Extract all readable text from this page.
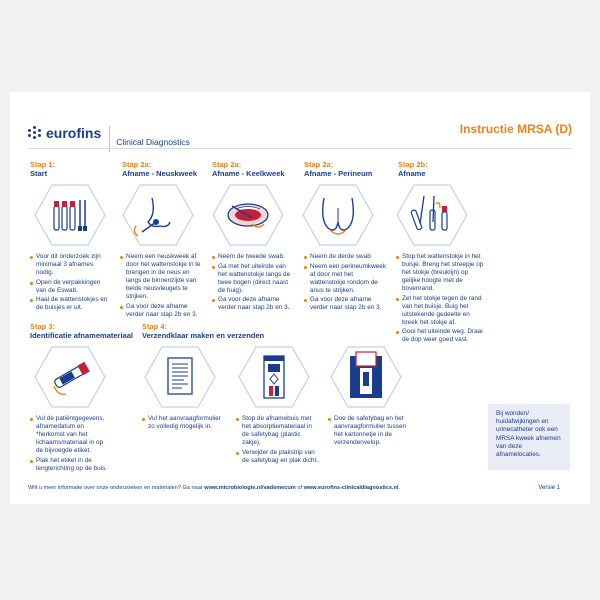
eurofins
Clinical Diagnostics
Instructie MRSA (D)
Stap 1:
Start
Stap 2a:
Afname - Neuskweek
Stap 2a:
Afname - Keelkweek
Stap 2a:
Afname - Perineum
Stap 2b:
Afname
Voor dit onderzoek zijn minimaal 3 afnames nodig.
Open de verpakkingen van de Eswab.
Haal de wattenstokjes en de buisjes er uit.
Neem een neuskweek af door het wattenstokje in te brengen in de neus en langs de binnenzijde van beide neusvleugels te strijken.
Ga voor deze afname verder naar stap 2b en 3.
Neem de tweede swab.
Ga met het uiteinde van het wattenstokje langs de twee bogen (direct naast de huig).
Ga voor deze afname verder naar stap 2b en 3.
Neem de derde swab
Neem een perineumkweek af door met het wattenstokje rondom de anus te strijken.
Ga voor deze afname verder naar stap 2b en 3.
Stop het wattenstokje in het buisje. Breng het streepje op het stokje (breuklijn) op gelijke hoogte met de bovenrand.
Zet het stokje tegen de rand van het buisje. Buig het uitstekende gedeelte en breek het stokje af.
Gooi het uiteinde weg. Draai de dop weer goed vast.
Stap 3:
Identificatie afnamemateriaal
Stap 4:
Verzendklaar maken en verzenden
Vul de patiëntgegevens, afnamedatum en *herkomst van het lichaamsmateriaal in op de bijvoegde etiket.
Plak het etiket in de lengterichting op de buis.
Vul het aanvraagformulier zo volledig mogelijk in.
Stop de afnamebuis met het absorptiemateriaal in de safetybag (plastic zakje).
Verwijder de plakstrip van de safetybag en plak dicht.
Doe de safetybag en het aanvraagformulier tussen het kartonnetje in de verzendenvelop.
Bij wonden/ huidafwijkingen en urinecatheter ook een MRSA kweek afnemen van deze afnamelocaties.
Wilt u meer informatie over onze onderzoeken en materialen? Ga naar www.microbiologie.nl/vademecum of www.eurofins-clinicaldiagnostics.nl.	Versie 1
